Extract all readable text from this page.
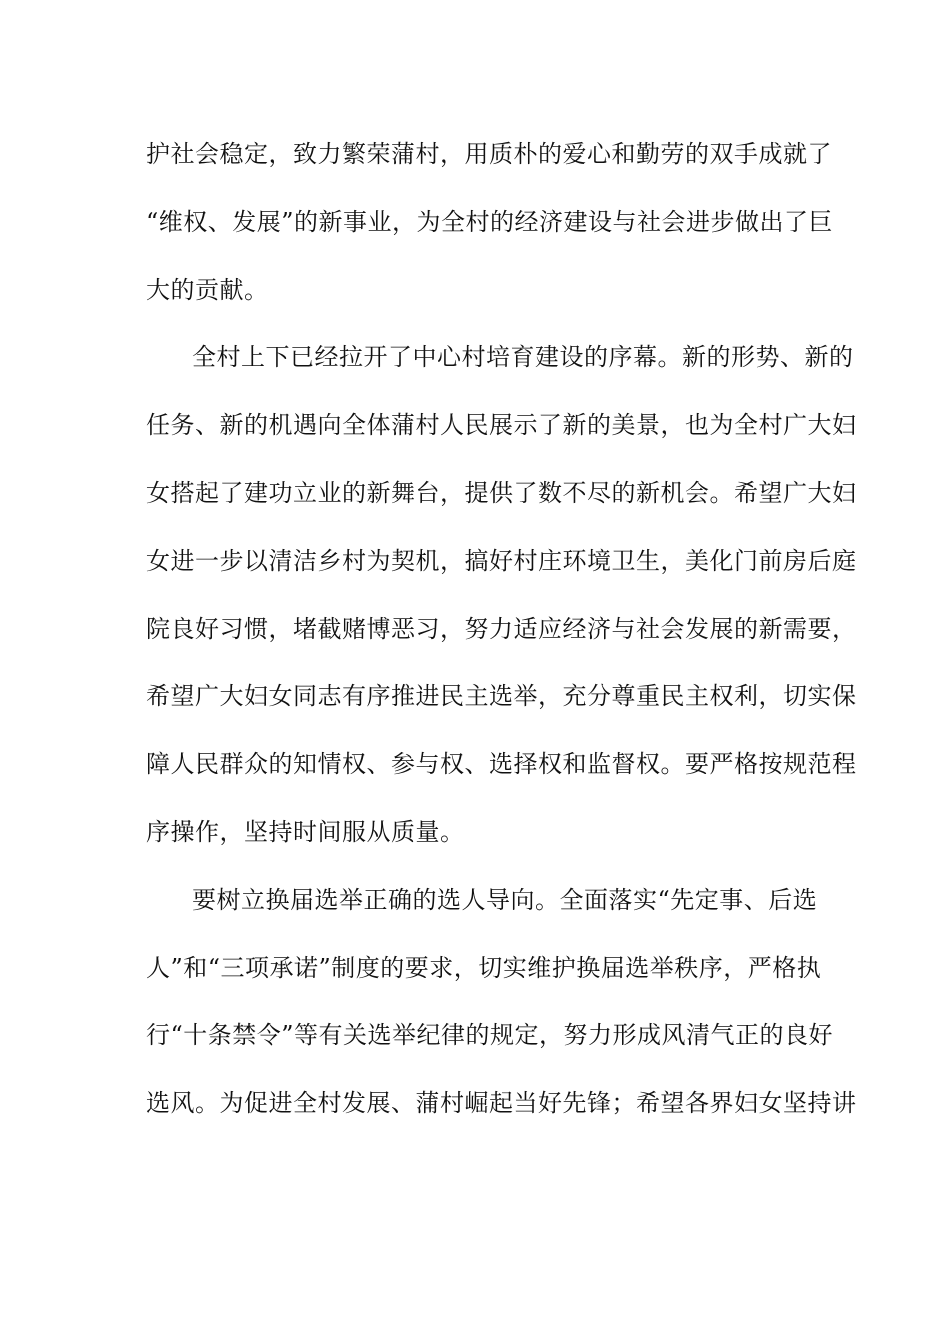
护社会稳定，致力繁荣蒲村，用质朴的爱心和勤劳的双手成就了
“维权、发展”的新事业，为全村的经济建设与社会进步做出了巨
大的贡献。
全村上下已经拉开了中心村培育建设的序幕。新的形势、新的
任务、新的机遇向全体蒲村人民展示了新的美景，也为全村广大妇
女搭起了建功立业的新舞台，提供了数不尽的新机会。希望广大妇
女进一步以清洁乡村为契机，搞好村庄环境卫生，美化门前房后庭
院良好习惯，堵截赌博恶习，努力适应经济与社会发展的新需要，
希望广大妇女同志有序推进民主选举，充分尊重民主权利，切实保
障人民群众的知情权、参与权、选择权和监督权。要严格按规范程
序操作，坚持时间服从质量。
要树立换届选举正确的选人导向。全面落实“先定事、后选
人”和“三项承诺”制度的要求，切实维护换届选举秩序，严格执
行“十条禁令”等有关选举纪律的规定，努力形成风清气正的良好
选风。为促进全村发展、蒲村崛起当好先锋；希望各界妇女坚持讲
